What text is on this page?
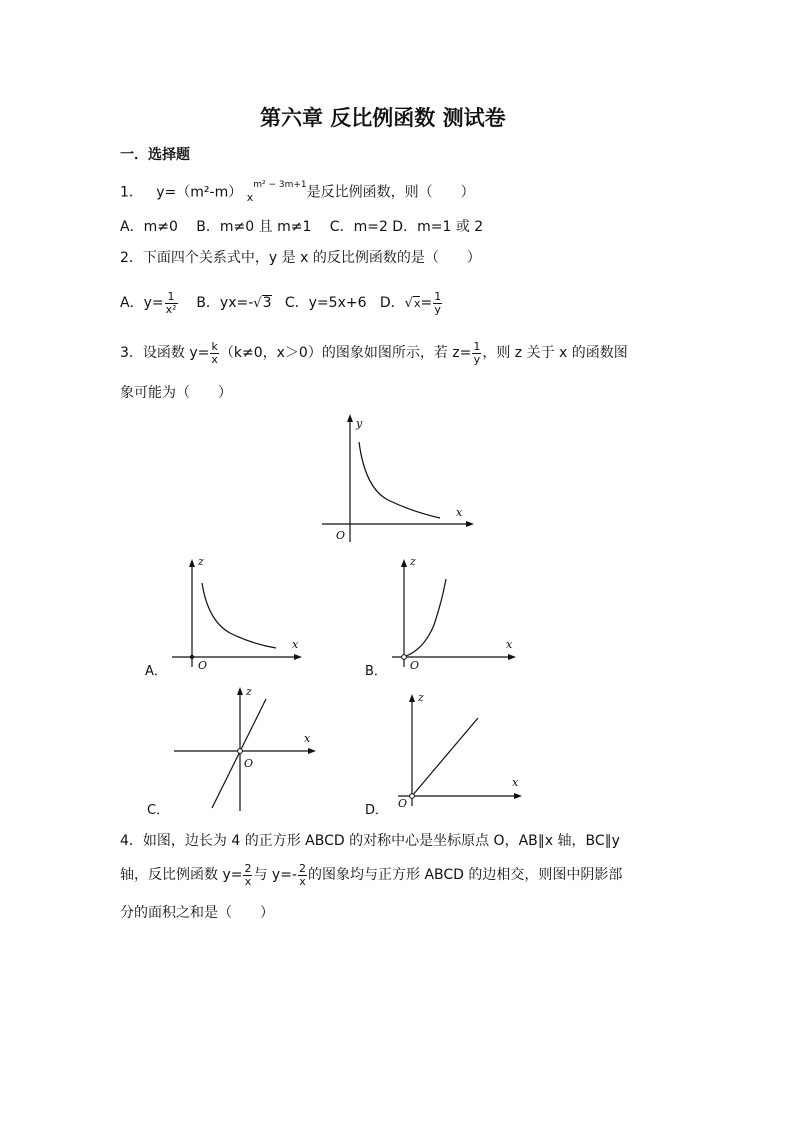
第六章 反比例函数 测试卷
一．选择题
1． y=（m²-m） $_x^{m^2 - 3m+1}$是反比例函数，则（　　）
A．m≠0　 B．m≠0 且 m≠1　 C．m=2 D．m=1 或 2
2．下面四个关系式中，y 是 x 的反比例函数的是（　　）
A．$y= \frac{1}{\text{x²}}$ B．yx=-√3 C．y=5x+6 D．$√x= \frac{1}{y}$
3．设函数 $y= \frac{k}{x} (k\ne 0$，x＞0）的图象如图所示，若 $z= \frac{1}{y}$ ，则 z 关于 x 的函数图
象可能为（　　）
y
x
O
z
x
O
A．
z
x
O
B．
z
x
O
C．
z
x
O
D．
4．如图，边长为 4 的正方形 ABCD 的对称中心是坐标原点 O，AB∥x 轴，BC∥y
轴，反比例函数 $y= \frac{2}{x}$ 与 $y=- \frac{2}{x}$ 的图象均与正方形 ABCD 的边相交，则图中阴影部
分的面积之和是（　　）
